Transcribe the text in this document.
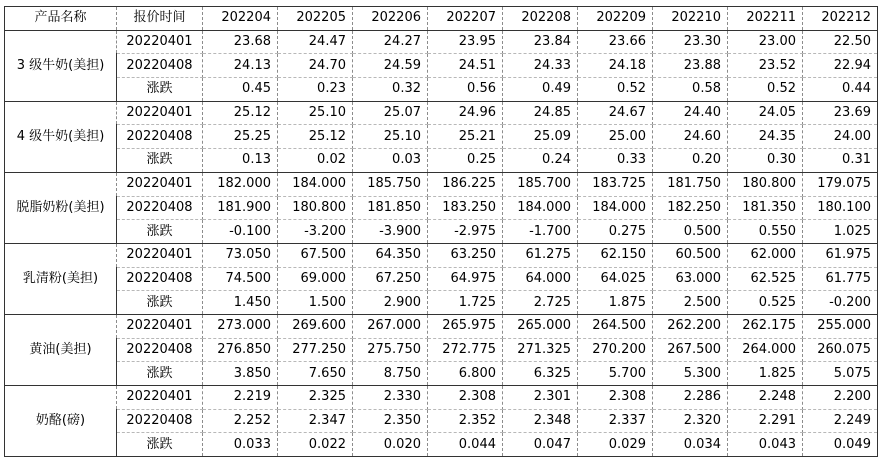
产品名称	报价时间	202204	202205	202206	202207	202208	202209	202210	202211	202212
3 级牛奶(美担)	20220401	23.68	24.47	24.27	23.95	23.84	23.66	23.30	23.00	22.50
	20220408	24.13	24.70	24.59	24.51	24.33	24.18	23.88	23.52	22.94
	涨跌	0.45	0.23	0.32	0.56	0.49	0.52	0.58	0.52	0.44
4 级牛奶(美担)	20220401	25.12	25.10	25.07	24.96	24.85	24.67	24.40	24.05	23.69
	20220408	25.25	25.12	25.10	25.21	25.09	25.00	24.60	24.35	24.00
	涨跌	0.13	0.02	0.03	0.25	0.24	0.33	0.20	0.30	0.31
脱脂奶粉(美担)	20220401	182.000	184.000	185.750	186.225	185.700	183.725	181.750	180.800	179.075
	20220408	181.900	180.800	181.850	183.250	184.000	184.000	182.250	181.350	180.100
	涨跌	-0.100	-3.200	-3.900	-2.975	-1.700	0.275	0.500	0.550	1.025
乳清粉(美担)	20220401	73.050	67.500	64.350	63.250	61.275	62.150	60.500	62.000	61.975
	20220408	74.500	69.000	67.250	64.975	64.000	64.025	63.000	62.525	61.775
	涨跌	1.450	1.500	2.900	1.725	2.725	1.875	2.500	0.525	-0.200
黄油(美担)	20220401	273.000	269.600	267.000	265.975	265.000	264.500	262.200	262.175	255.000
	20220408	276.850	277.250	275.750	272.775	271.325	270.200	267.500	264.000	260.075
	涨跌	3.850	7.650	8.750	6.800	6.325	5.700	5.300	1.825	5.075
奶酪(磅)	20220401	2.219	2.325	2.330	2.308	2.301	2.308	2.286	2.248	2.200
	20220408	2.252	2.347	2.350	2.352	2.348	2.337	2.320	2.291	2.249
	涨跌	0.033	0.022	0.020	0.044	0.047	0.029	0.034	0.043	0.049
